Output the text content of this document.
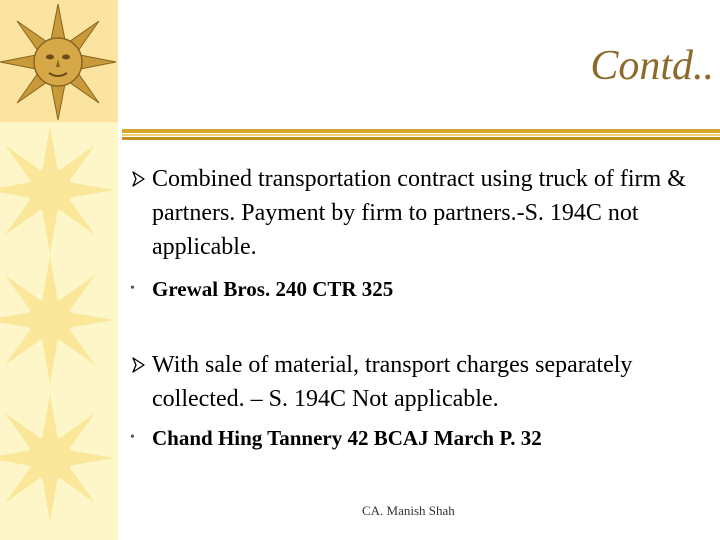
Contd..
Combined transportation contract using truck of firm & partners. Payment by firm to partners.-S. 194C not applicable.
• Grewal Bros. 240 CTR 325
With sale of material, transport charges separately collected. – S. 194C Not applicable.
• Chand Hing Tannery 42 BCAJ March P. 32
CA. Manish Shah
